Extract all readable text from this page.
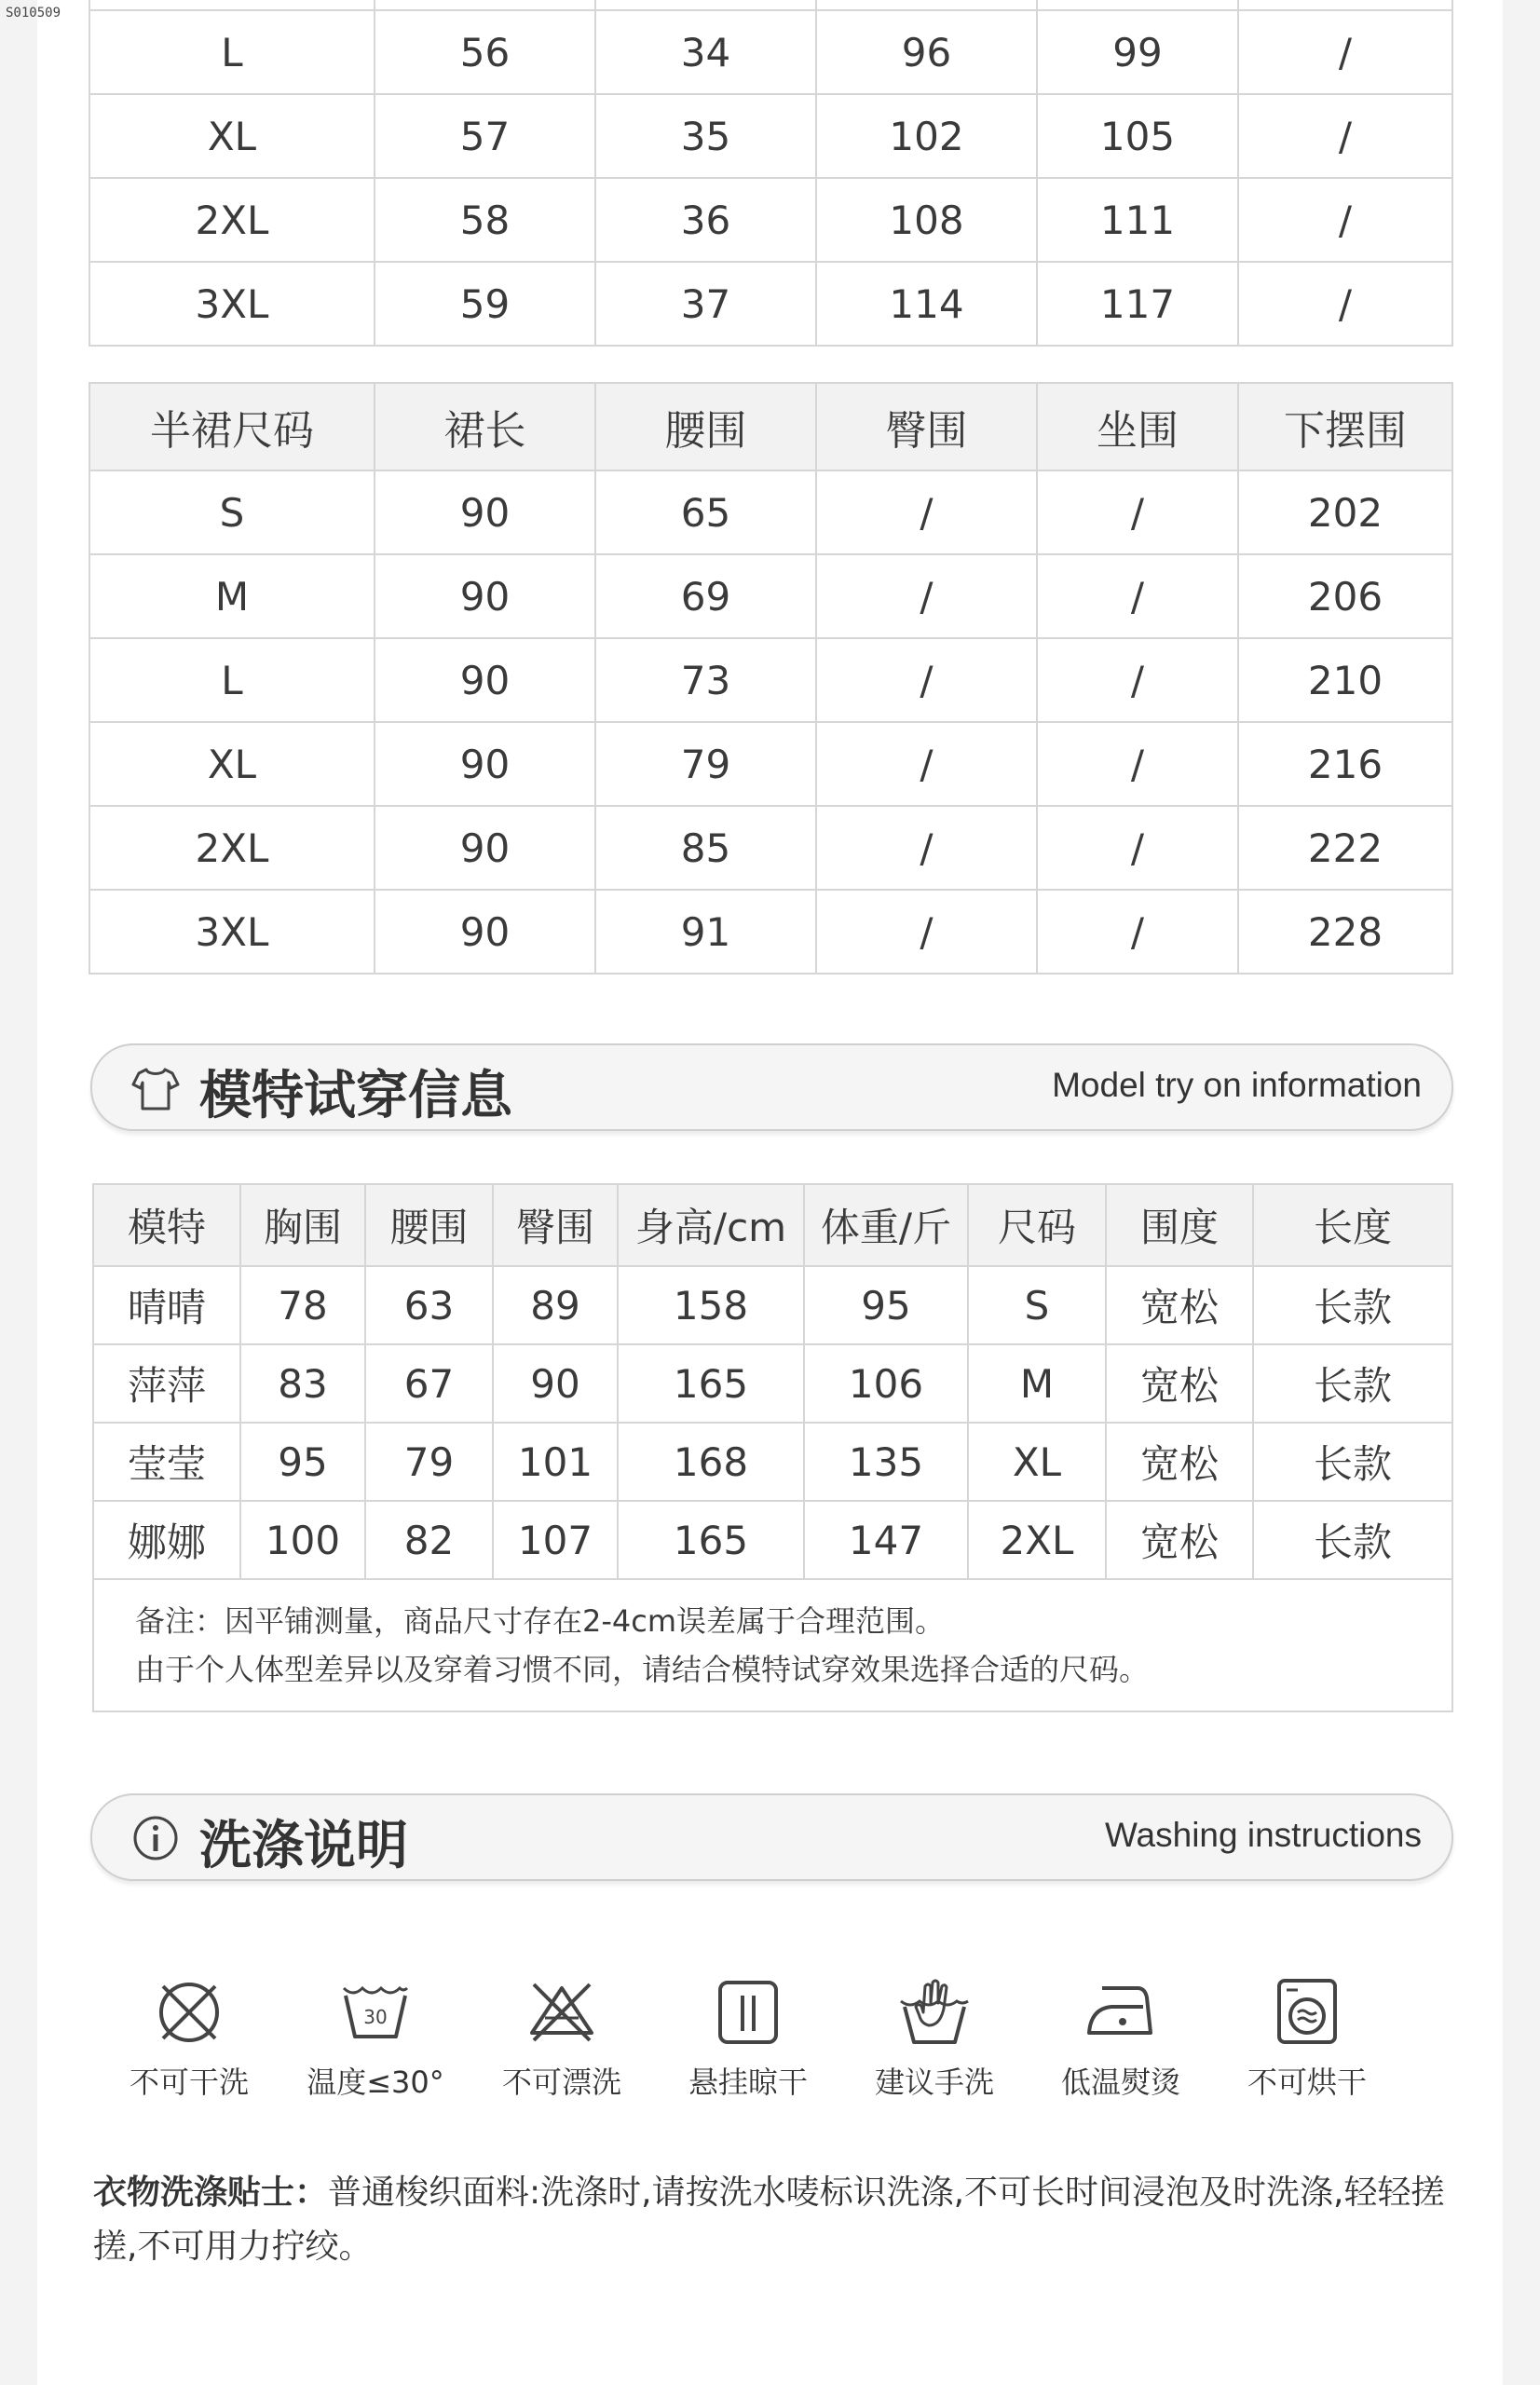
S010509

L	56	34	96	99	/
XL	57	35	102	105	/
2XL	58	36	108	111	/
3XL	59	37	114	117	/
半裙尺码	裙长	腰围	臀围	坐围	下摆围
S	90	65	/	/	202
M	90	69	/	/	206
L	90	73	/	/	210
XL	90	79	/	/	216
2XL	90	85	/	/	222
3XL	90	91	/	/	228
模特试穿信息	Model try on information
模特	胸围	腰围	臀围	身高/cm	体重/斤	尺码	围度	长度
晴晴	78	63	89	158	95	S	宽松	长款
萍萍	83	67	90	165	106	M	宽松	长款
莹莹	95	79	101	168	135	XL	宽松	长款
娜娜	100	82	107	165	147	2XL	宽松	长款

备注：因平铺测量，商品尺寸存在2-4cm误差属于合理范围。
由于个人体型差异以及穿着习惯不同，请结合模特试穿效果选择合适的尺码。								
洗涤说明	Washing instructions
不可干洗
30
温度≤30°	不可漂洗	悬挂晾干	建议手洗	低温熨烫	不可烘干
衣物洗涤贴士：普通梭织面料:洗涤时,请按洗水唛标识洗涤,不可长时间浸泡及时洗涤,轻轻搓搓,不可用力拧绞。
